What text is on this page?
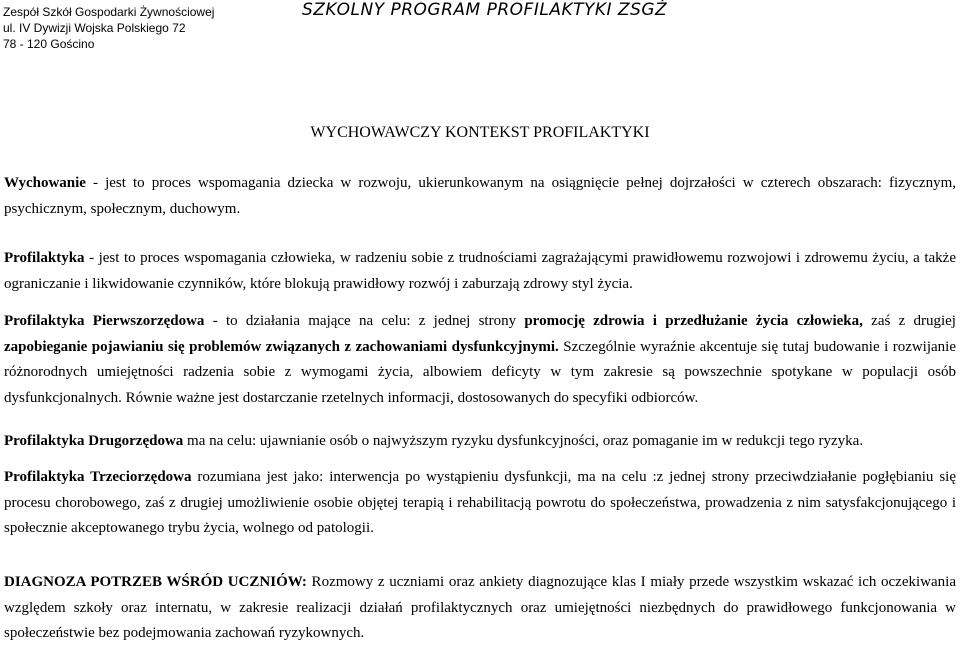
Zespół Szkół Gospodarki Żywnościowej
ul. IV Dywizji Wojska Polskiego 72
78 - 120 Gościno
SZKOLNY PROGRAM PROFILAKTYKI ZSGŻ
WYCHOWAWCZY KONTEKST PROFILAKTYKI

Wychowanie - jest to proces wspomagania dziecka w rozwoju, ukierunkowanym na osiągnięcie pełnej dojrzałości w czterech obszarach: fizycznym, psychicznym, społecznym, duchowym.

Profilaktyka - jest to proces wspomagania człowieka, w radzeniu sobie z trudnościami zagrażającymi prawidłowemu rozwojowi i zdrowemu życiu, a także ograniczanie i likwidowanie czynników, które blokują prawidłowy rozwój i zaburzają zdrowy styl życia.

Profilaktyka Pierwszorzędowa - to działania mające na celu: z jednej strony promocję zdrowia i przedłużanie życia człowieka, zaś z drugiej zapobieganie pojawianiu się problemów związanych z zachowaniami dysfunkcyjnymi. Szczególnie wyraźnie akcentuje się tutaj budowanie i rozwijanie różnorodnych umiejętności radzenia sobie z wymogami życia, albowiem deficyty w tym zakresie są powszechnie spotykane w populacji osób dysfunkcjonalnych. Równie ważne jest dostarczanie rzetelnych informacji, dostosowanych do specyfiki odbiorców.

Profilaktyka Drugorzędowa ma na celu: ujawnianie osób o najwyższym ryzyku dysfunkcyjności, oraz pomaganie im w redukcji tego ryzyka.

Profilaktyka Trzeciorzędowa rozumiana jest jako: interwencja po wystąpieniu dysfunkcji, ma na celu :z jednej strony przeciwdziałanie pogłębianiu się procesu chorobowego, zaś z drugiej umożliwienie osobie objętej terapią i rehabilitacją powrotu do społeczeństwa, prowadzenia z nim satysfakcjonującego i społecznie akceptowanego trybu życia, wolnego od patologii.

DIAGNOZA POTRZEB WŚRÓD UCZNIÓW: Rozmowy z uczniami oraz ankiety diagnozujące klas I miały przede wszystkim wskazać ich oczekiwania względem szkoły oraz internatu, w zakresie realizacji działań profilaktycznych oraz umiejętności niezbędnych do prawidłowego funkcjonowania w społeczeństwie bez podejmowania zachowań ryzykownych.
